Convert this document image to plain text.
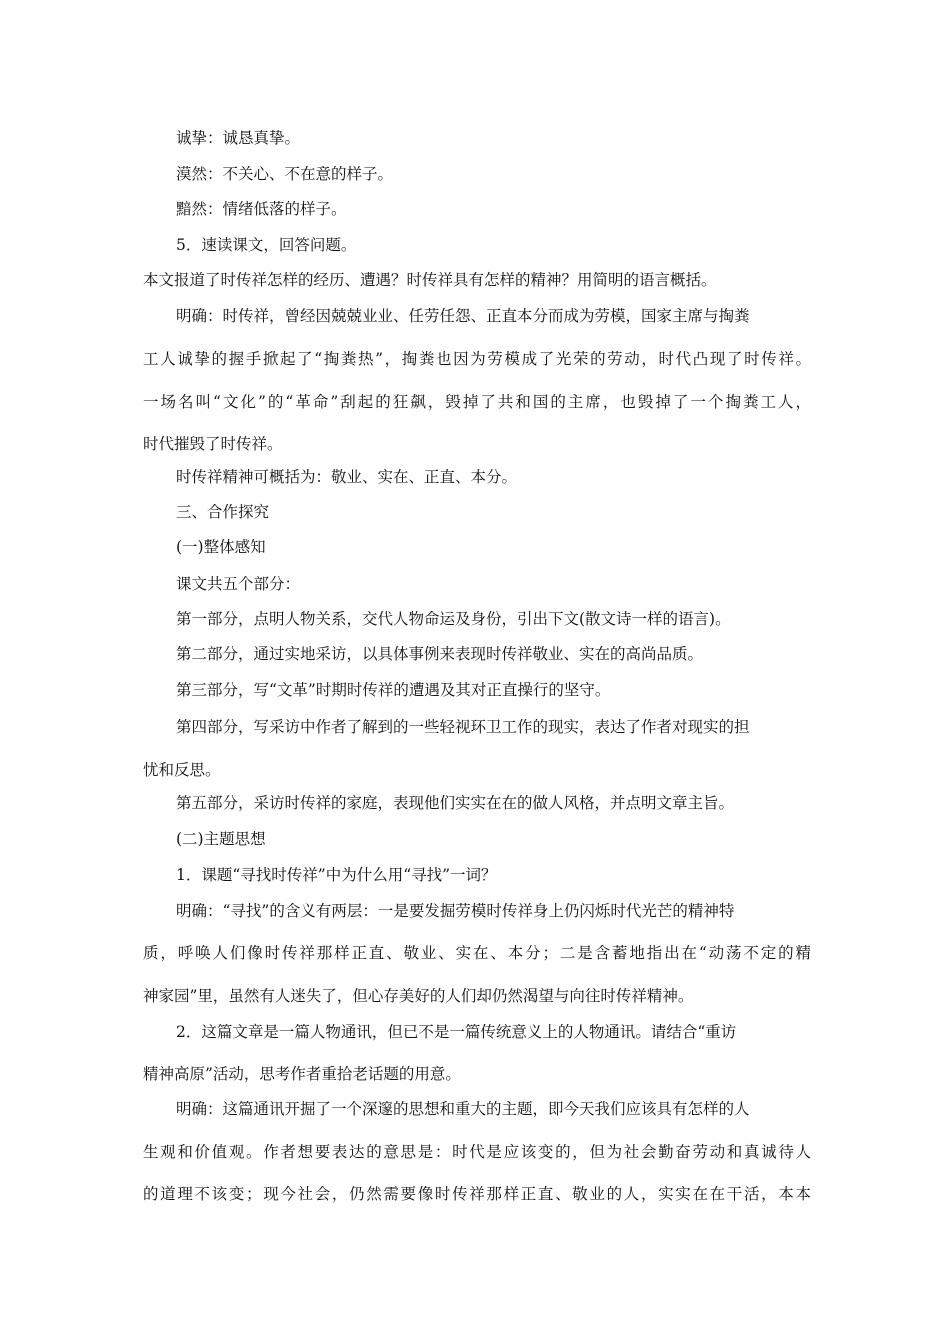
诚挚：诚恳真挚。
漠然：不关心、不在意的样子。
黯然：情绪低落的样子。
5．速读课文，回答问题。
本文报道了时传祥怎样的经历、遭遇？时传祥具有怎样的精神？用简明的语言概括。
明确：时传祥，曾经因兢兢业业、任劳任怨、正直本分而成为劳模，国家主席与掏粪
工人诚挚的握手掀起了“掏粪热”，掏粪也因为劳模成了光荣的劳动，时代凸现了时传祥。
一场名叫“文化”的“革命”刮起的狂飙，毁掉了共和国的主席，也毁掉了一个掏粪工人，
时代摧毁了时传祥。
时传祥精神可概括为：敬业、实在、正直、本分。
三、合作探究
(一)整体感知
课文共五个部分：
第一部分，点明人物关系，交代人物命运及身份，引出下文(散文诗一样的语言)。
第二部分，通过实地采访，以具体事例来表现时传祥敬业、实在的高尚品质。
第三部分，写“文革”时期时传祥的遭遇及其对正直操行的坚守。
第四部分，写采访中作者了解到的一些轻视环卫工作的现实，表达了作者对现实的担
忧和反思。
第五部分，采访时传祥的家庭，表现他们实实在在的做人风格，并点明文章主旨。
(二)主题思想
1．课题“寻找时传祥”中为什么用“寻找”一词？
明确：“寻找”的含义有两层：一是要发掘劳模时传祥身上仍闪烁时代光芒的精神特
质，呼唤人们像时传祥那样正直、敬业、实在、本分；二是含蓄地指出在“动荡不定的精
神家园”里，虽然有人迷失了，但心存美好的人们却仍然渴望与向往时传祥精神。
2．这篇文章是一篇人物通讯，但已不是一篇传统意义上的人物通讯。请结合“重访
精神高原”活动，思考作者重拾老话题的用意。
明确：这篇通讯开掘了一个深邃的思想和重大的主题，即今天我们应该具有怎样的人
生观和价值观。作者想要表达的意思是：时代是应该变的，但为社会勤奋劳动和真诚待人
的道理不该变；现今社会，仍然需要像时传祥那样正直、敬业的人，实实在在干活，本本
